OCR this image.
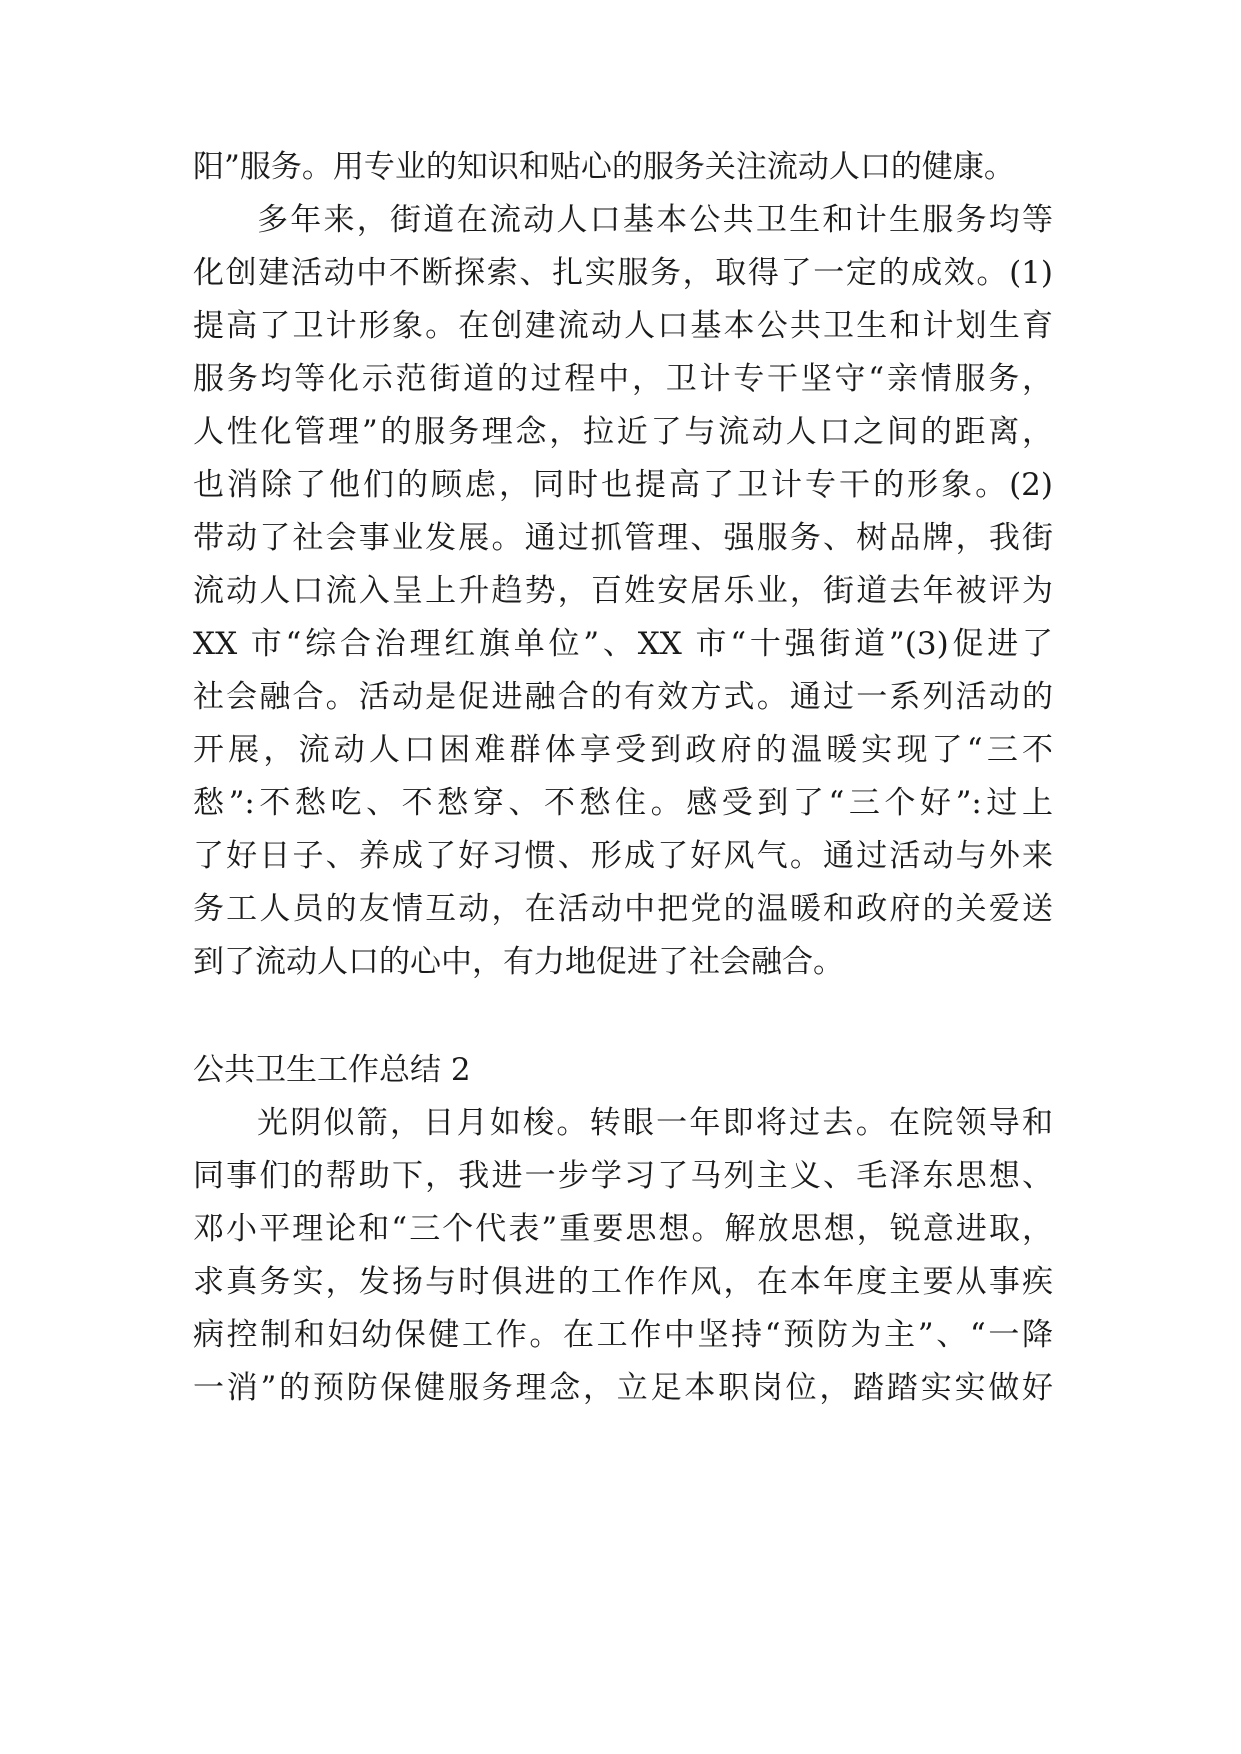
阳”服务。用专业的知识和贴心的服务关注流动人口的健康。

多年来，街道在流动人口基本公共卫生和计生服务均等

化创建活动中不断探索、扎实服务，取得了一定的成效。(1)

提高了卫计形象。在创建流动人口基本公共卫生和计划生育

服务均等化示范街道的过程中，卫计专干坚守“亲情服务，

人性化管理”的服务理念，拉近了与流动人口之间的距离，

也消除了他们的顾虑，同时也提高了卫计专干的形象。(2)

带动了社会事业发展。通过抓管理、强服务、树品牌，我街

流动人口流入呈上升趋势，百姓安居乐业，街道去年被评为

XX 市“综合治理红旗单位”、XX 市“十强街道”(3)促进了

社会融合。活动是促进融合的有效方式。通过一系列活动的

开展，流动人口困难群体享受到政府的温暖实现了“三不

愁”:不愁吃、不愁穿、不愁住。感受到了“三个好”:过上

了好日子、养成了好习惯、形成了好风气。通过活动与外来

务工人员的友情互动，在活动中把党的温暖和政府的关爱送

到了流动人口的心中，有力地促进了社会融合。

公共卫生工作总结 2

光阴似箭，日月如梭。转眼一年即将过去。在院领导和

同事们的帮助下，我进一步学习了马列主义、毛泽东思想、

邓小平理论和“三个代表”重要思想。解放思想，锐意进取，

求真务实，发扬与时俱进的工作作风，在本年度主要从事疾

病控制和妇幼保健工作。在工作中坚持“预防为主”、“一降

一消”的预防保健服务理念，立足本职岗位，踏踏实实做好
